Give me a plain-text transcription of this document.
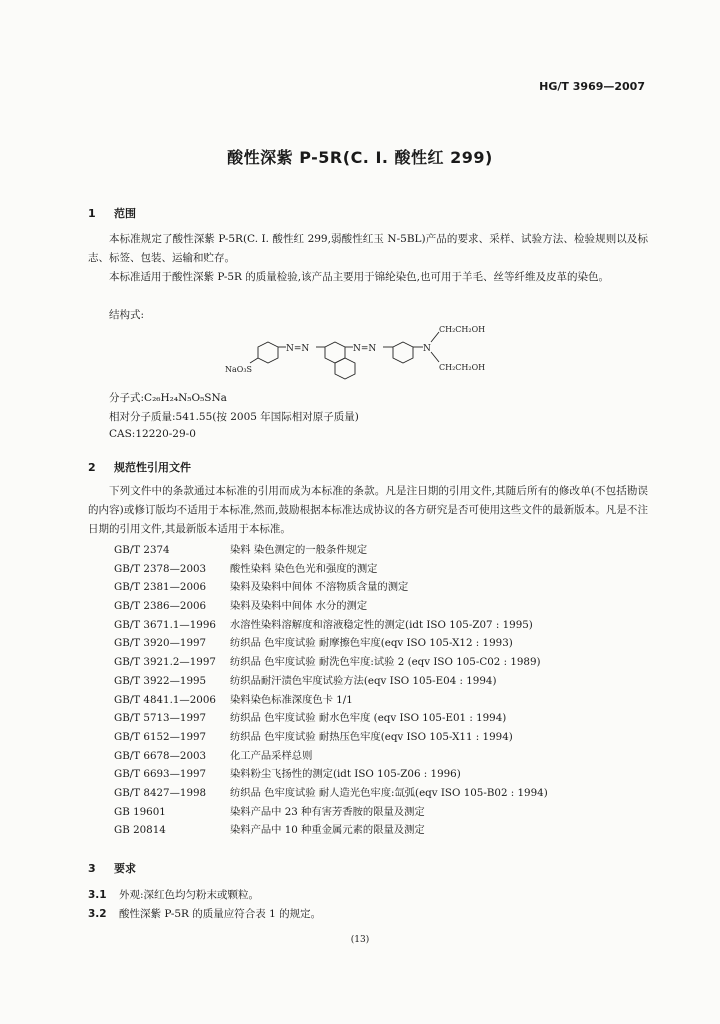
HG/T 3969—2007
酸性深紫 P-5R(C. I. 酸性红 299)
1 范围
本标准规定了酸性深紫 P-5R(C. I. 酸性红 299,弱酸性红玉 N-5BL)产品的要求、采样、试验方法、检验规则以及标志、标签、包装、运输和贮存。
本标准适用于酸性深紫 P-5R 的质量检验,该产品主要用于锦纶染色,也可用于羊毛、丝等纤维及皮革的染色。
结构式:
N=N	N=N	N
CH₂CH₂OH
CH₂CH₂OH
NaO₃S
分子式:C₂₆H₂₄N₅O₅SNa
相对分子质量:541.55(按 2005 年国际相对原子质量)
CAS:12220-29-0
2 规范性引用文件
下列文件中的条款通过本标准的引用而成为本标准的条款。凡是注日期的引用文件,其随后所有的修改单(不包括勘误的内容)或修订版均不适用于本标准,然而,鼓励根据本标准达成协议的各方研究是否可使用这些文件的最新版本。凡是不注日期的引用文件,其最新版本适用于本标准。
GB/T 2374	染料 染色测定的一般条件规定
GB/T 2378—2003 酸性染料 染色色光和强度的测定
GB/T 2381—2006 染料及染料中间体 不溶物质含量的测定
GB/T 2386—2006 染料及染料中间体 水分的测定
GB/T 3671.1—1996 水溶性染料溶解度和溶液稳定性的测定(idt ISO 105-Z07 : 1995)
GB/T 3920—1997 纺织品 色牢度试验 耐摩擦色牢度(eqv ISO 105-X12 : 1993)
GB/T 3921.2—1997 纺织品 色牢度试验 耐洗色牢度:试验 2 (eqv ISO 105-C02 : 1989)
GB/T 3922—1995 纺织品耐汗渍色牢度试验方法(eqv ISO 105-E04 : 1994)
GB/T 4841.1—2006 染料染色标准深度色卡 1/1
GB/T 5713—1997 纺织品 色牢度试验 耐水色牢度 (eqv ISO 105-E01 : 1994)
GB/T 6152—1997 纺织品 色牢度试验 耐热压色牢度(eqv ISO 105-X11 : 1994)
GB/T 6678—2003 化工产品采样总则
GB/T 6693—1997 染料粉尘飞扬性的测定(idt ISO 105-Z06 : 1996)
GB/T 8427—1998 纺织品 色牢度试验 耐人造光色牢度:氙弧(eqv ISO 105-B02 : 1994)
GB 19601	染料产品中 23 种有害芳香胺的限量及测定
GB 20814	染料产品中 10 种重金属元素的限量及测定
3 要求
3.1 外观:深红色均匀粉末或颗粒。
3.2 酸性深紫 P-5R 的质量应符合表 1 的规定。
(13)
